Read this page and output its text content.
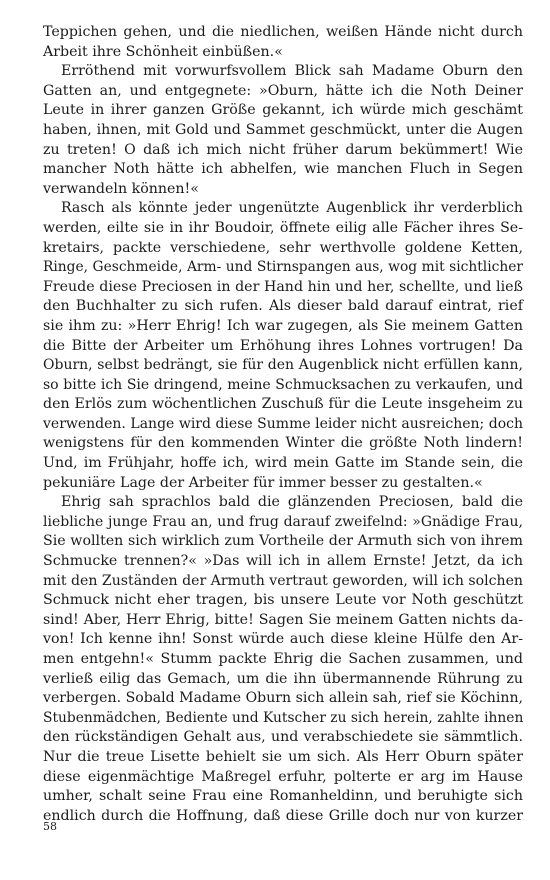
Teppichen gehen, und die niedlichen, weißen Hände nicht durch
Arbeit ihre Schönheit einbüßen.«
Erröthend mit vorwurfsvollem Blick sah Madame Oburn den
Gatten an, und entgegnete: »Oburn, hätte ich die Noth Deiner
Leute in ihrer ganzen Größe gekannt, ich würde mich geschämt
haben, ihnen, mit Gold und Sammet geschmückt, unter die Augen
zu treten! O daß ich mich nicht früher darum bekümmert! Wie
mancher Noth hätte ich abhelfen, wie manchen Fluch in Segen
verwandeln können!«
Rasch als könnte jeder ungenützte Augenblick ihr verderblich
werden, eilte sie in ihr Boudoir, öffnete eilig alle Fächer ihres Se-
kretairs, packte verschiedene, sehr werthvolle goldene Ketten,
Ringe, Geschmeide, Arm- und Stirnspangen aus, wog mit sichtlicher
Freude diese Preciosen in der Hand hin und her, schellte, und ließ
den Buchhalter zu sich rufen. Als dieser bald darauf eintrat, rief
sie ihm zu: »Herr Ehrig! Ich war zugegen, als Sie meinem Gatten
die Bitte der Arbeiter um Erhöhung ihres Lohnes vortrugen! Da
Oburn, selbst bedrängt, sie für den Augenblick nicht erfüllen kann,
so bitte ich Sie dringend, meine Schmucksachen zu verkaufen, und
den Erlös zum wöchentlichen Zuschuß für die Leute insgeheim zu
verwenden. Lange wird diese Summe leider nicht ausreichen; doch
wenigstens für den kommenden Winter die größte Noth lindern!
Und, im Frühjahr, hoffe ich, wird mein Gatte im Stande sein, die
pekuniäre Lage der Arbeiter für immer besser zu gestalten.«
Ehrig sah sprachlos bald die glänzenden Preciosen, bald die
liebliche junge Frau an, und frug darauf zweifelnd: »Gnädige Frau,
Sie wollten sich wirklich zum Vortheile der Armuth sich von ihrem
Schmucke trennen?« »Das will ich in allem Ernste! Jetzt, da ich
mit den Zuständen der Armuth vertraut geworden, will ich solchen
Schmuck nicht eher tragen, bis unsere Leute vor Noth geschützt
sind! Aber, Herr Ehrig, bitte! Sagen Sie meinem Gatten nichts da-
von! Ich kenne ihn! Sonst würde auch diese kleine Hülfe den Ar-
men entgehn!« Stumm packte Ehrig die Sachen zusammen, und
verließ eilig das Gemach, um die ihn übermannende Rührung zu
verbergen. Sobald Madame Oburn sich allein sah, rief sie Köchinn,
Stubenmädchen, Bediente und Kutscher zu sich herein, zahlte ihnen
den rückständigen Gehalt aus, und verabschiedete sie sämmtlich.
Nur die treue Lisette behielt sie um sich. Als Herr Oburn später
diese eigenmächtige Maßregel erfuhr, polterte er arg im Hause
umher, schalt seine Frau eine Romanheldinn, und beruhigte sich
endlich durch die Hoffnung, daß diese Grille doch nur von kurzer
58
